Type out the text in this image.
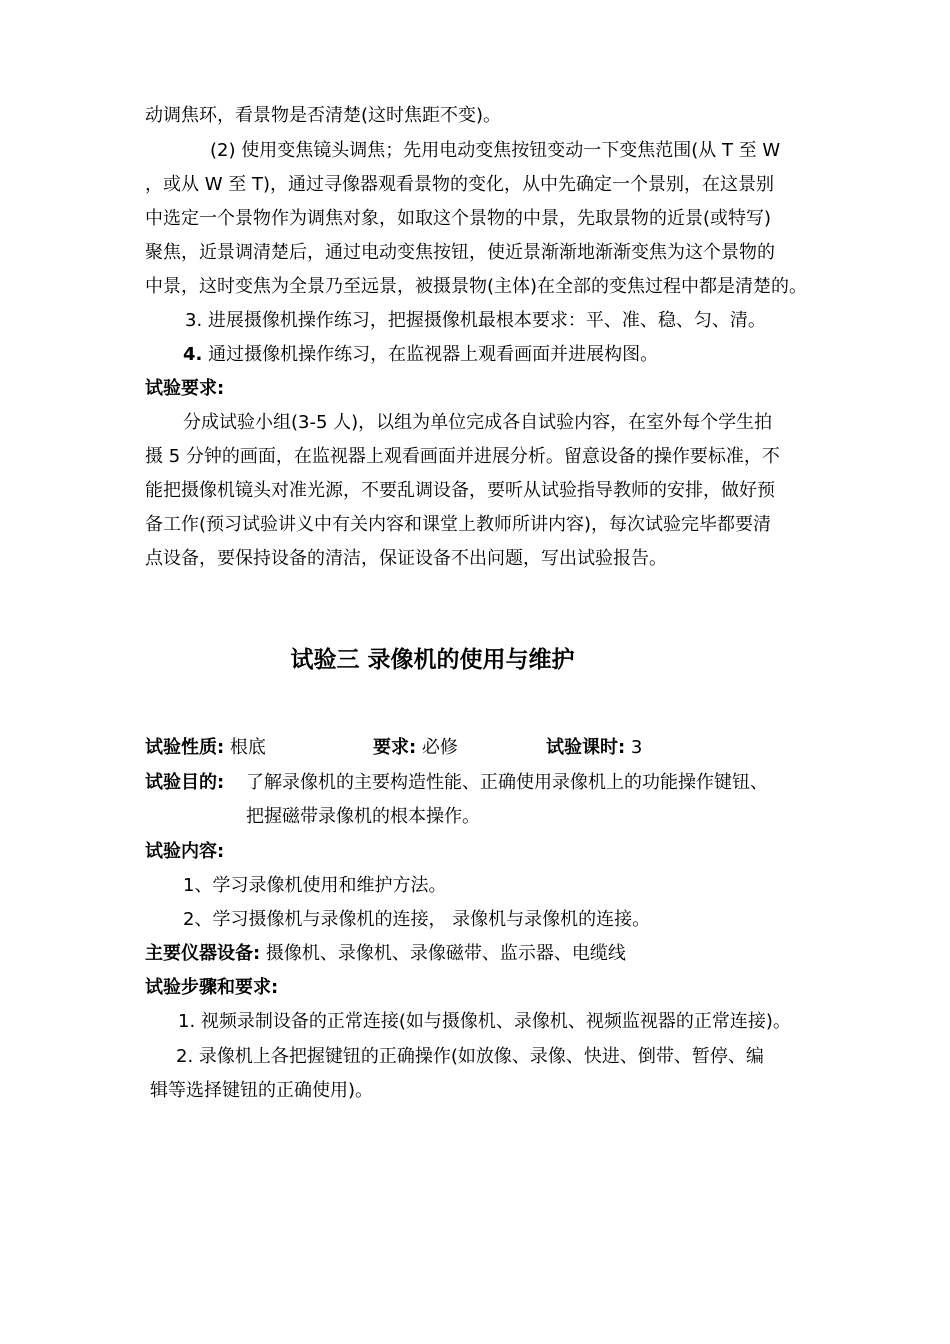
动调焦环，看景物是否清楚(这时焦距不变)。
(2) 使用变焦镜头调焦；先用电动变焦按钮变动一下变焦范围(从 T 至 W
，或从 W 至 T)，通过寻像器观看景物的变化，从中先确定一个景别，在这景别
中选定一个景物作为调焦对象，如取这个景物的中景，先取景物的近景(或特写)
聚焦，近景调清楚后，通过电动变焦按钮，使近景渐渐地渐渐变焦为这个景物的
中景，这时变焦为全景乃至远景，被摄景物(主体)在全部的变焦过程中都是清楚的。
3. 进展摄像机操作练习，把握摄像机最根本要求：平、准、稳、匀、清。
4. 通过摄像机操作练习，在监视器上观看画面并进展构图。
试验要求:
分成试验小组(3-5 人)，以组为单位完成各自试验内容，在室外每个学生拍
摄 5 分钟的画面，在监视器上观看画面并进展分析。留意设备的操作要标准，不
能把摄像机镜头对准光源，不要乱调设备，要听从试验指导教师的安排，做好预
备工作(预习试验讲义中有关内容和课堂上教师所讲内容)，每次试验完毕都要清
点设备，要保持设备的清洁，保证设备不出问题，写出试验报告。
试验三 录像机的使用与维护
试验性质: 根底	要求: 必修	试验课时: 3
试验目的:	了解录像机的主要构造性能、正确使用录像机上的功能操作键钮、
把握磁带录像机的根本操作。
试验内容:
1、学习录像机使用和维护方法。
2、学习摄像机与录像机的连接， 录像机与录像机的连接。
主要仪器设备: 摄像机、录像机、录像磁带、监示器、电缆线
试验步骤和要求:
1. 视频录制设备的正常连接(如与摄像机、录像机、视频监视器的正常连接)。
2. 录像机上各把握键钮的正确操作(如放像、录像、快进、倒带、暂停、编
辑等选择键钮的正确使用)。
